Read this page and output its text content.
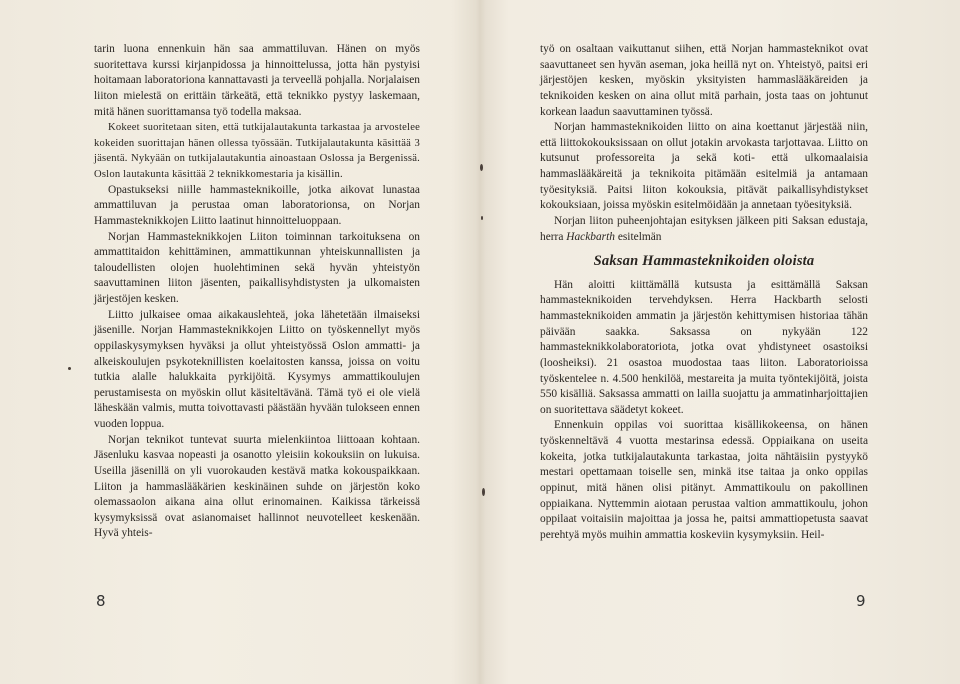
tarin luona ennenkuin hän saa ammattiluvan. Hänen on myös suoritettava kurssi kirjanpidossa ja hinnoittelussa, jotta hän pystyisi hoitamaan laboratoriona kannattavasti ja terveellä pohjalla. Norjalaisen liiton mielestä on erittäin tärkeätä, että teknikko pystyy laskemaan, mitä hänen suorittamansa työ todella maksaa.

Kokeet suoritetaan siten, että tutkijalautakunta tarkastaa ja arvostelee kokeiden suorittajan hänen ollessa työssään. Tutkijalautakunta käsittää 3 jäsentä. Nykyään on tutkijalautakuntia ainoastaan Oslossa ja Bergenissä. Oslon lautakunta käsittää 2 teknikkomestaria ja kisällin.

Opastukseksi niille hammasteknikoille, jotka aikovat lunastaa ammattiluvan ja perustaa oman laboratorionsa, on Norjan Hammasteknikkojen Liitto laatinut hinnoitteluoppaan.

Norjan Hammasteknikkojen Liiton toiminnan tarkoituksena on ammattitaidon kehittäminen, ammattikunnan yhteiskunnallisten ja taloudellisten olojen huolehtiminen sekä hyvän yhteistyön saavuttaminen liiton jäsenten, paikallisyhdistysten ja ulkomaisten järjestöjen kesken.

Liitto julkaisee omaa aikakauslehteä, joka lähetetään ilmaiseksi jäsenille. Norjan Hammasteknikkojen Liitto on työskennellyt myös oppilaskysymyksen hyväksi ja ollut yhteistyössä Oslon ammatti- ja alkeiskoulujen psykoteknillisten koelaitosten kanssa, joissa on voitu tutkia alalle halukkaita pyrkijöitä. Kysymys ammattikoulujen perustamisesta on myöskin ollut käsiteltävänä. Tämä työ ei ole vielä läheskään valmis, mutta toivottavasti päästään hyvään tulokseen ennen vuoden loppua.

Norjan teknikot tuntevat suurta mielenkiintoa liittoaan kohtaan. Jäsenluku kasvaa nopeasti ja osanotto yleisiin kokouksiin on lukuisa. Useilla jäsenillä on yli vuorokauden kestävä matka kokouspaikkaan. Liiton ja hammaslääkärien keskinäinen suhde on järjestön koko olemassaolon aikana aina ollut erinomainen. Kaikissa tärkeissä kysymyksissä ovat asianomaiset hallinnot neuvotelleet keskenään. Hyvä yhteis-

8

työ on osaltaan vaikuttanut siihen, että Norjan hammasteknikot ovat saavuttaneet sen hyvän aseman, joka heillä nyt on. Yhteistyö, paitsi eri järjestöjen kesken, myöskin yksityisten hammaslääkäreiden ja teknikoiden kesken on aina ollut mitä parhain, josta taas on johtunut korkean laadun saavuttaminen työssä.

Norjan hammasteknikoiden liitto on aina koettanut järjestää niin, että liittokokouksissaan on ollut jotakin arvokasta tarjottavaa. Liitto on kutsunut professoreita ja sekä koti- että ulkomaalaisia hammaslääkäreitä ja teknikoita pitämään esitelmiä ja antamaan työesityksiä. Paitsi liiton kokouksia, pitävät paikallisyhdistykset kokouksiaan, joissa myöskin esitelmöidään ja annetaan työesityksiä.

Norjan liiton puheenjohtajan esityksen jälkeen piti Saksan edustaja, herra Hackbarth esitelmän

Saksan Hammasteknikoiden oloista

Hän aloitti kiittämällä kutsusta ja esittämällä Saksan hammasteknikoiden tervehdyksen. Herra Hackbarth selosti hammasteknikoiden ammatin ja järjestön kehittymisen historiaa tähän päivään saakka. Saksassa on nykyään 122 hammasteknikkolaboratoriota, jotka ovat yhdistyneet osastoiksi (loosheiksi). 21 osastoa muodostaa taas liiton. Laboratorioissa työskentelee n. 4.500 henkilöä, mestareita ja muita työntekijöitä, joista 550 kisälliä. Saksassa ammatti on lailla suojattu ja ammatinharjoittajien on suoritettava säädetyt kokeet.

Ennenkuin oppilas voi suorittaa kisällikokeensa, on hänen työskenneltävä 4 vuotta mestarinsa edessä. Oppiaikana on useita kokeita, jotka tutkijalautakunta tarkastaa, joita nähtäisiin pystyykö mestari opettamaan toiselle sen, minkä itse taitaa ja onko oppilas oppinut, mitä hänen olisi pitänyt. Ammattikoulu on pakollinen oppiaikana. Nyttemmin aiotaan perustaa valtion ammattikoulu, johon oppilaat voitaisiin majoittaa ja jossa he, paitsi ammattiopetusta saavat perehtyä myös muihin ammattia koskeviin kysymyksiin. Heil-

9
